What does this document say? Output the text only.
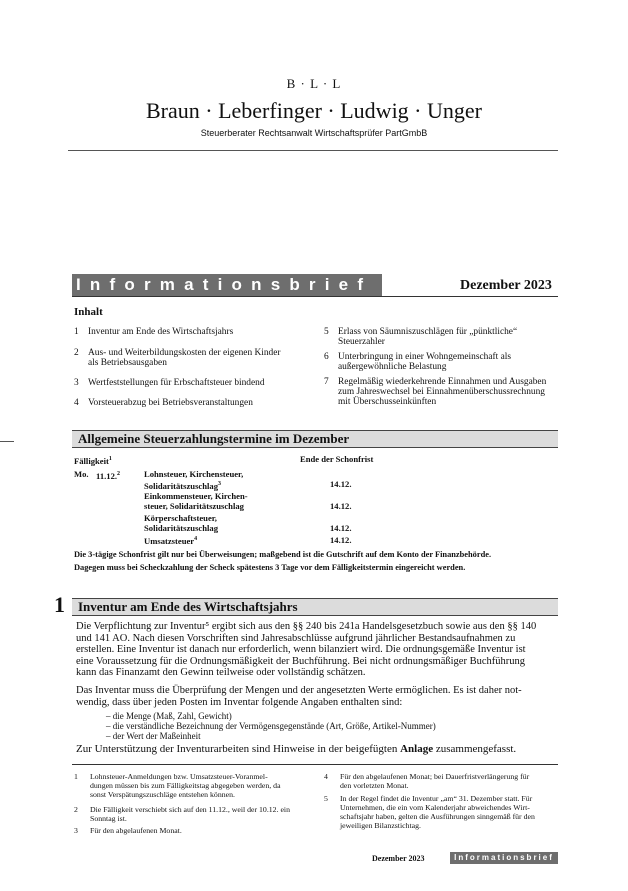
B · L · L
Braun · Leberfinger · Ludwig · Unger
Steuerberater Rechtsanwalt Wirtschaftsprüfer PartGmbB
Informationsbrief	Dezember 2023
Inhalt
1 Inventur am Ende des Wirtschaftsjahrs
2 Aus- und Weiterbildungskosten der eigenen Kinder
als Betriebsausgaben
3 Wertfeststellungen für Erbschaftsteuer bindend
4 Vorsteuerabzug bei Betriebsveranstaltungen
5 Erlass von Säumniszuschlägen für „pünktliche“
Steuerzahler
6 Unterbringung in einer Wohngemeinschaft als
außergewöhnliche Belastung
7 Regelmäßig wiederkehrende Einnahmen und Ausgaben
zum Jahreswechsel bei Einnahmenüberschussrechnung
mit Überschusseinkünften
Allgemeine Steuerzahlungstermine im Dezember
Fälligkeit$^1$	Ende der Schonfrist
Mo. 11.12.$^2$	Lohnsteuer, Kirchensteuer,
Solidaritätszuschlag$^3$	14.12.
Einkommensteuer, Kirchen-
steuer, Solidaritätszuschlag	14.12.
Körperschaftsteuer,
Solidaritätszuschlag	14.12.
Umsatzsteuer$^4$	14.12.
Die 3-tägige Schonfrist gilt nur bei Überweisungen; maßgebend ist die Gutschrift auf dem Konto der Finanzbehörde.
Dagegen muss bei Scheckzahlung der Scheck spätestens 3 Tage vor dem Fälligkeitstermin eingereicht werden.
Inventur am Ende des Wirtschaftsjahrs
1
Die Verpflichtung zur Inventur⁵ ergibt sich aus den §§ 240 bis 241a Handelsgesetzbuch sowie aus den §§ 140
und 141 AO. Nach diesen Vorschriften sind Jahresabschlüsse aufgrund jährlicher Bestandsaufnahmen zu
erstellen. Eine Inventur ist danach nur erforderlich, wenn bilanziert wird. Die ordnungsgemäße Inventur ist
eine Voraussetzung für die Ordnungsmäßigkeit der Buchführung. Bei nicht ordnungsmäßiger Buchführung
kann das Finanzamt den Gewinn teilweise oder vollständig schätzen.
Das Inventar muss die Überprüfung der Mengen und der angesetzten Werte ermöglichen. Es ist daher not-
wendig, dass über jeden Posten im Inventar folgende Angaben enthalten sind:
– die Menge (Maß, Zahl, Gewicht)
– die verständliche Bezeichnung der Vermögensgegenstände (Art, Größe, Artikel-Nummer)
– der Wert der Maßeinheit
Zur Unterstützung der Inventurarbeiten sind Hinweise in der beigefügten Anlage zusammengefasst.
1 Lohnsteuer-Anmeldungen bzw. Umsatzsteuer-Voranmel-
dungen müssen bis zum Fälligkeitstag abgegeben werden, da
sonst Verspätungszuschläge entstehen können.
2 Die Fälligkeit verschiebt sich auf den 11.12., weil der 10.12. ein
Sonntag ist.
3 Für den abgelaufenen Monat.
4 Für den abgelaufenen Monat; bei Dauerfristverlängerung für
den vorletzten Monat.
5 In der Regel findet die Inventur „am“ 31. Dezember statt. Für
Unternehmen, die ein vom Kalenderjahr abweichendes Wirt-
schaftsjahr haben, gelten die Ausführungen sinngemäß für den
jeweiligen Bilanzstichtag.
Dezember 2023	Informationsbrief
